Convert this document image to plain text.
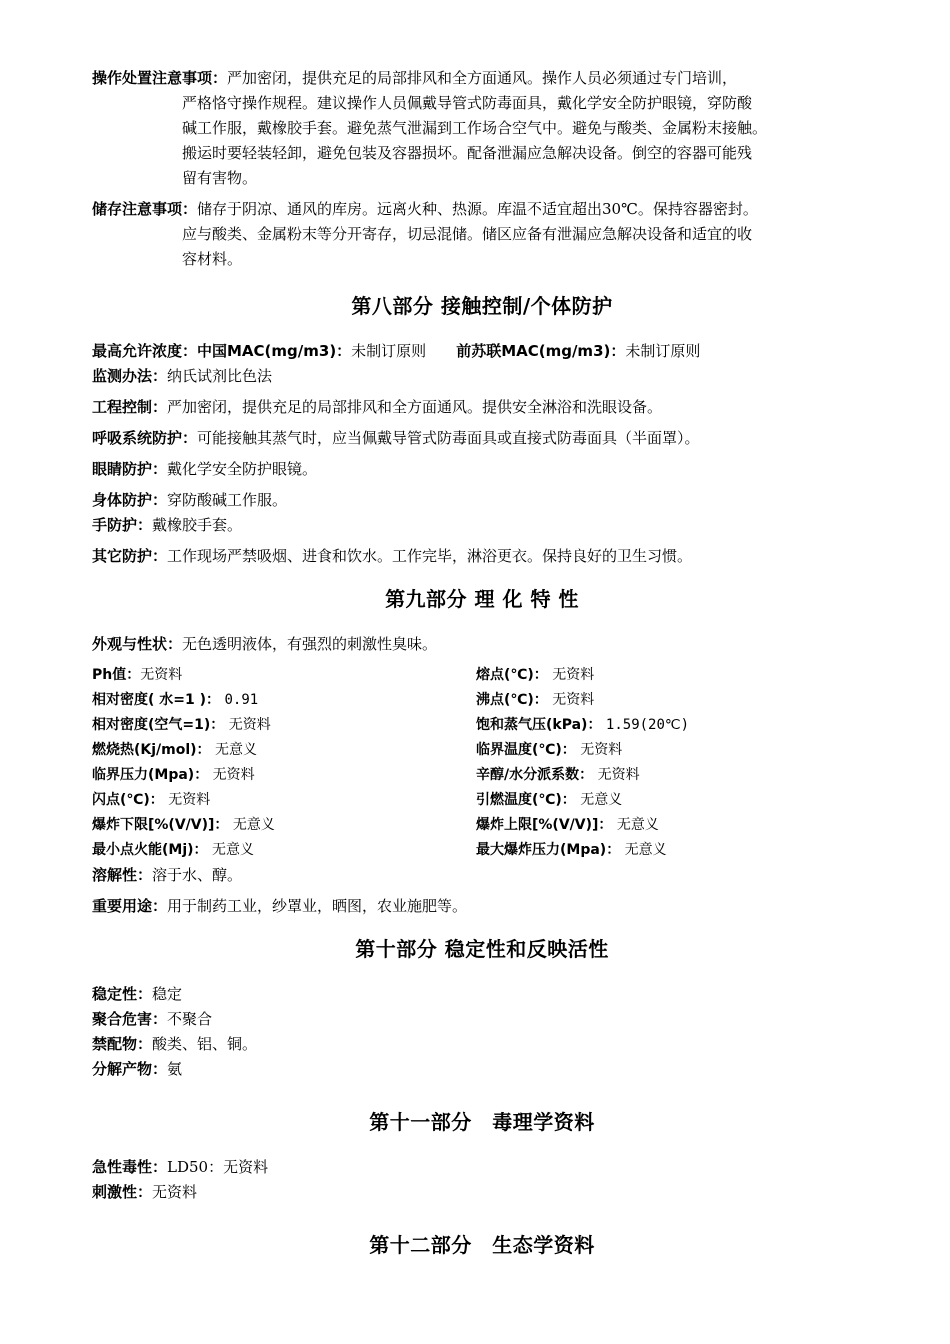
操作处置注意事项：严加密闭，提供充足的局部排风和全方面通风。操作人员必须通过专门培训，
严格恪守操作规程。建议操作人员佩戴导管式防毒面具，戴化学安全防护眼镜，穿防酸
碱工作服，戴橡胶手套。避免蒸气泄漏到工作场合空气中。避免与酸类、金属粉末接触。
搬运时要轻装轻卸，避免包装及容器损坏。配备泄漏应急解决设备。倒空的容器可能残
留有害物。
储存注意事项：储存于阴凉、通风的库房。远离火种、热源。库温不适宜超出30℃。保持容器密封。
应与酸类、金属粉末等分开寄存，切忌混储。储区应备有泄漏应急解决设备和适宜的收
容材料。
第八部分 接触控制/个体防护
最高允许浓度：中国MAC(mg/m3)：未制订原则 前苏联MAC(mg/m3)：未制订原则
监测办法：纳氏试剂比色法
工程控制：严加密闭，提供充足的局部排风和全方面通风。提供安全淋浴和洗眼设备。
呼吸系统防护：可能接触其蒸气时，应当佩戴导管式防毒面具或直接式防毒面具（半面罩）。
眼睛防护：戴化学安全防护眼镜。
身体防护：穿防酸碱工作服。
手防护：戴橡胶手套。
其它防护：工作现场严禁吸烟、进食和饮水。工作完毕，淋浴更衣。保持良好的卫生习惯。
第九部分 理 化 特 性
外观与性状：无色透明液体，有强烈的刺激性臭味。
Ph值：无资料	熔点(℃)： 无资料
相对密度( 水=1 )： 0.91	沸点(℃)： 无资料
相对密度(空气=1)： 无资料	饱和蒸气压(kPa)： 1.59(20℃)
燃烧热(Kj/mol)： 无意义	临界温度(℃)： 无资料
临界压力(Mpa)： 无资料	辛醇/水分派系数： 无资料
闪点(℃)： 无资料	引燃温度(℃)： 无意义
爆炸下限[%(V/V)]： 无意义	爆炸上限[%(V/V)]： 无意义
最小点火能(Mj)： 无意义	最大爆炸压力(Mpa)： 无意义
溶解性：溶于水、醇。
重要用途：用于制药工业，纱罩业，晒图，农业施肥等。
第十部分 稳定性和反映活性
稳定性：稳定
聚合危害：不聚合
禁配物：酸类、铝、铜。
分解产物：氨
第十一部分　毒理学资料
急性毒性：LD50：无资料
刺激性：无资料
第十二部分　生态学资料
